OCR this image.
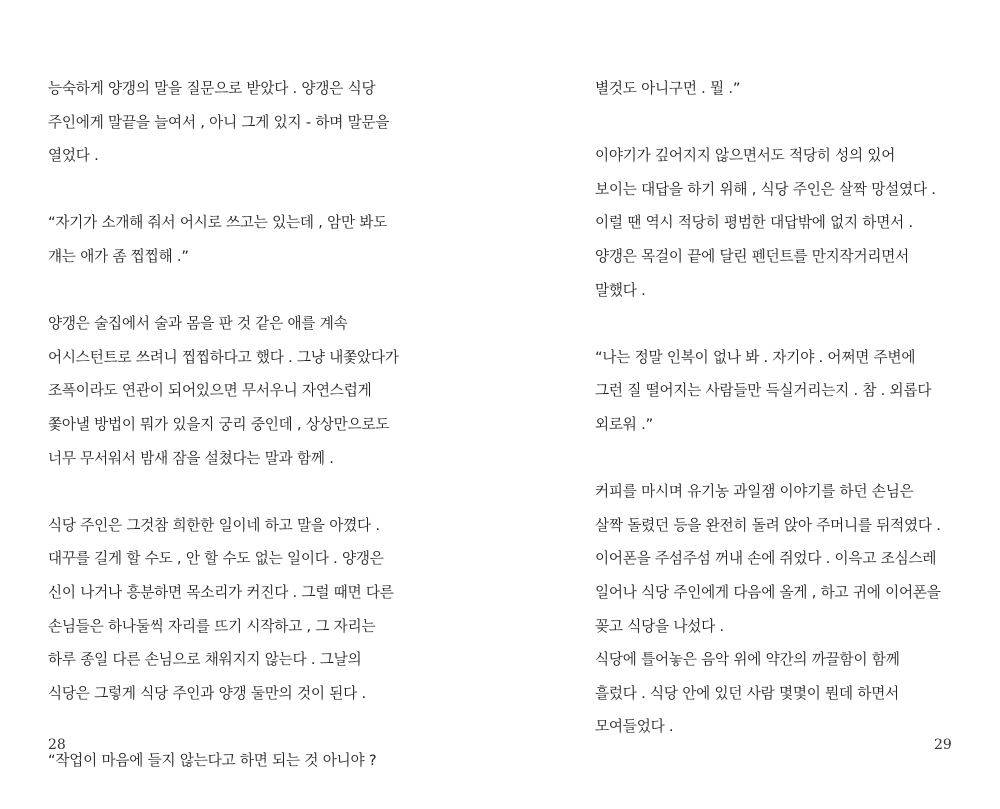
능숙하게 양갱의 말을 질문으로 받았다 . 양갱은 식당
주인에게 말끝을 늘여서 , 아니 그게 있지 - 하며 말문을
열었다 .
“자기가 소개해 줘서 어시로 쓰고는 있는데 , 암만 봐도
걔는 애가 좀 찝찝해 .”
양갱은 술집에서 술과 몸을 판 것 같은 애를 계속
어시스턴트로 쓰려니 찝찝하다고 했다 . 그냥 내쫓았다가
조폭이라도 연관이 되어있으면 무서우니 자연스럽게
쫓아낼 방법이 뭐가 있을지 궁리 중인데 , 상상만으로도
너무 무서워서 밤새 잠을 설쳤다는 말과 함께 .
식당 주인은 그것참 희한한 일이네 하고 말을 아꼈다 .
대꾸를 길게 할 수도 , 안 할 수도 없는 일이다 . 양갱은
신이 나거나 흥분하면 목소리가 커진다 . 그럴 때면 다른
손님들은 하나둘씩 자리를 뜨기 시작하고 , 그 자리는
하루 종일 다른 손님으로 채워지지 않는다 . 그날의
식당은 그렇게 식당 주인과 양갱 둘만의 것이 된다 .
“작업이 마음에 들지 않는다고 하면 되는 것 아니야 ?
28
별것도 아니구먼 . 뭘 .”
이야기가 깊어지지 않으면서도 적당히 성의 있어
보이는 대답을 하기 위해 , 식당 주인은 살짝 망설였다 .
이럴 땐 역시 적당히 평범한 대답밖에 없지 하면서 .
양갱은 목걸이 끝에 달린 펜던트를 만지작거리면서
말했다 .
“나는 정말 인복이 없나 봐 . 자기야 . 어쩌면 주변에
그런 질 떨어지는 사람들만 득실거리는지 . 참 . 외롭다
외로워 .”
커피를 마시며 유기농 과일잼 이야기를 하던 손님은
살짝 돌렸던 등을 완전히 돌려 앉아 주머니를 뒤적였다 .
이어폰을 주섬주섬 꺼내 손에 쥐었다 . 이윽고 조심스레
일어나 식당 주인에게 다음에 올게 , 하고 귀에 이어폰을
꽂고 식당을 나섰다 .
식당에 틀어놓은 음악 위에 약간의 까끌함이 함께
흘렀다 . 식당 안에 있던 사람 몇몇이 뭔데 하면서
모여들었다 .
29
